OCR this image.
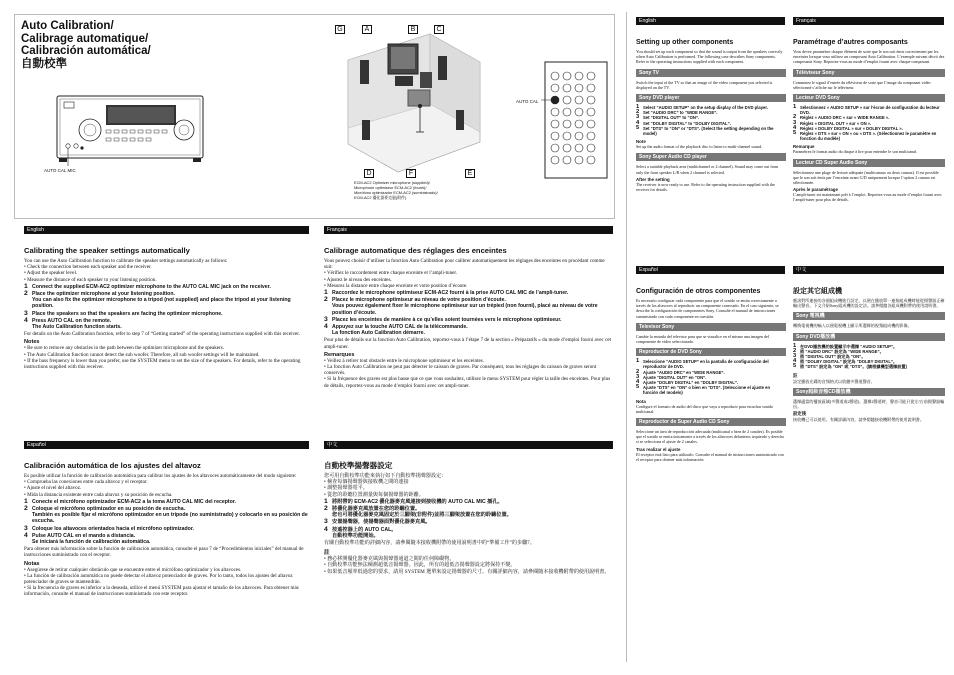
Auto Calibration/
Calibrage automatique/
Calibración automática/
自動校準
AUTO CAL MIC
G	A	B	C
D	F	E
ECM-AC2 Optimizer microphone (supplied)/
Microphone optimiseur ECM-AC2 (fourni)/
Micrófono optimizador ECM-AC2 (suministrado)/
ECM-AC2 優化器麥克風(附件)
AUTO CAL
English
Calibrating the speaker settings automatically

You can use the Auto Calibration function to calibrate the speaker settings automatically as follows:

• Check the connection between each speaker and the receiver.
• Adjust the speaker level.
• Measure the distance of each speaker to your listening position.
1 Connect the supplied ECM-AC2 optimizer microphone to the AUTO CAL MIC jack on the receiver.
2 Place the optimizer microphone at your listening position.
You can also fix the optimizer microphone to a tripod (not supplied) and place the tripod at your listening position.
3 Place the speakers so that the speakers are facing the optimizer microphone.
4 Press AUTO CAL on the remote.
The Auto Calibration function starts.

For details on the Auto Calibration function, refer to step 7 of “Getting started” of the operating instructions supplied with this receiver.

Notes
• Be sure to remove any obstacles in the path between the optimizer microphone and the speakers.
• The Auto Calibration function cannot detect the sub woofer. Therefore, all sub woofer settings will be maintained.
• If the bass frequency is lower than you prefer, use the SYSTEM menu to set the size of the speakers. For details, refer to the operating instructions supplied with this receiver.
Español
Calibración automática de los ajustes del altavoz

Es posible utilizar la función de calibración automática para calibrar los ajustes de los altavoces automáticamente del modo siguiente:

• Comprueba las conexiones entre cada altavoz y el receptor.
• Ajuste el nivel del altavoz.
• Mida la distancia existente entre cada altavoz y su posición de escucha.
1 Conecte el micrófono optimizador ECM-AC2 a la toma AUTO CAL MIC del receptor.
2 Coloque el micrófono optimizador en su posición de escucha.
También es posible fijar el micrófono optimizador en un trípode (no suministrado) y colocarlo en su posición de escucha.
3 Coloque los altavoces orientados hacia el micrófono optimizador.
4 Pulse AUTO CAL en el mando a distancia.
Se iniciará la función de calibración automática.

Para obtener más información sobre la función de calibración automática, consulte el paso 7 de “Procedimientos iniciales” del manual de instrucciones suministrado con el receptor.

Notas
• Asegúrese de retirar cualquier obstáculo que se encuentre entre el micrófono optimizador y los altavoces.
• La función de calibración automática no puede detectar el altavoz potenciador de graves. Por lo tanto, todos los ajustes del altavoz potenciador de graves se mantendrán.
• Si la frecuencia de graves es inferior a la deseada, utilice el menú SYSTEM para ajustar el tamaño de los altavoces. Para obtener más información, consulte el manual de instrucciones suministrado con este receptor.
Français
Calibrage automatique des réglages des enceintes

Vous pouvez choisir d’utiliser la fonction Auto Calibration pour calibrer automatiquement les réglages des enceintes en procédant comme suit:

• Vérifiez le raccordement entre chaque enceinte et l’ampli-tuner.
• Ajustez le niveau des enceintes.
• Mesurez la distance entre chaque enceinte et votre position d’écoute.
1 Raccordez le microphone optimiseur ECM-AC2 fourni à la prise AUTO CAL MIC de l’ampli-tuner.
2 Placez le microphone optimiseur au niveau de votre position d’écoute.
Vous pouvez également fixer le microphone optimiseur sur un trépied (non fourni), placé au niveau de votre position d’écoute.
3 Placez les enceintes de manière à ce qu’elles soient tournées vers le microphone optimiseur.
4 Appuyez sur la touche AUTO CAL de la télécommande.
La fonction Auto Calibration démarre.

Pour plus de détails sur la fonction Auto Calibration, reportez-vous à l’étape 7 de la section « Préparatifs » du mode d’emploi fourni avec cet ampli-tuner.

Remarques
• Veillez à retirer tout obstacle entre le microphone optimiseur et les enceintes.
• La fonction Auto Calibration ne peut pas détecter le caisson de graves. Par conséquent, tous les réglages du caisson de graves seront conservés.
• Si la fréquence des graves est plus basse que ce que vous souhaitez, utilisez le menu SYSTEM pour régler la taille des enceintes. Pour plus de détails, reportez-vous au mode d’emploi fourni avec cet ampli-tuner.
中文
自動校準揚聲器設定

您可用自動校準功能來執行如下自動校準揚聲器設定：

• 檢查每個揚聲器與接收機之間的連接
• 調整揚聲器電平。
• 從您的聆聽位置測量與每個揚聲器的距離。
1 將附帶的 ECM-AC2 優化器麥克風連接到接收機的 AUTO CAL MIC 插孔。
2 將優化器麥克風放置在您的聆聽位置。
您也可將優化器麥克風固定於三腳架(非附件)並將三腳架放置在您的聆聽位置。
3 安置揚聲器，使揚聲器面對優化器麥克風。
4 按遙控器上的 AUTO CAL。
自動校準功能開始。

有關自動校準功能的詳細內容，請參閱隨本接收機附帶的使用說明書中的“準備工作”的步驟7。

註
• 務必移開優化器麥克風與揚聲器通道之間的任何障礙物。
• 自動校準功能無法檢測超低音揚聲器。因此，所有的超低音揚聲器設定將保持不變。
• 如果低音頻率低過您的要求，請用 SYSTEM 選單來設定揚聲器的尺寸。有關詳細內容，請參閱隨本接收機附帶的使用說明書。
English
Setting up other components

You should set up each component so that the sound is output from the speakers correctly when Auto Calibration is performed. The following case describes Sony components. Refer to the operating instructions supplied with each component.

Sony TV

Switch the input of the TV so that an image of the video component you selected is displayed on the TV.

Sony DVD player
1 Select “AUDIO SETUP” on the setup display of the DVD player.
2 Set “AUDIO DRC” to “WIDE RANGE”.
3 Set “DIGITAL OUT” to “ON”.
4 Set “DOLBY DIGITAL” to “DOLBY DIGITAL”.
5 Set “DTS” to “ON” or “DTS”. (Select the setting depending on the model)
Note

Set up the audio format of the playback disc to listen to multi-channel sound.

Sony Super Audio CD player

Select a suitable playback area (multichannel or 2 channel). Sound may come out from only the front speaker L/R when 2 channel is selected.

After the setting

The receiver is now ready to use. Refer to the operating instruction supplied with the receiver for details.

Français
Paramétrage d’autres composants

Vous devez paramétrer chaque élément de sorte que le son soit émis correctement par les enceintes lorsque vous utilisez un composant Auto Calibration. L’exemple suivant décrit des composants Sony. Reportez-vous au mode d’emploi fourni avec chaque composant.

Téléviseur Sony

Commutez le signal d’entrée du téléviseur de sorte que l’image du composant vidéo sélectionné s’affiche sur le téléviseur.

Lecteur DVD Sony
1 Sélectionnez « AUDIO SETUP » sur l’écran de configuration du lecteur DVD.
2 Réglez « AUDIO DRC » sur « WIDE RANGE ».
3 Réglez « DIGITAL OUT » sur « ON ».
4 Réglez « DOLBY DIGITAL » sur « DOLBY DIGITAL ».
5 Réglez « DTS » sur « ON » ou « DTS ». (Sélectionnez le paramètre en fonction du modèle)
Remarque

Paramétrez le format audio du disque à lire pour entendre le son multicanal.

Lecteur CD Super Audio Sony

Sélectionnez une plage de lecture adéquate (multicanaux ou deux canaux). Il est possible que le son soit émis par l’enceinte avant G/D uniquement lorsque l’option 2 canaux est sélectionnée.

Après le paramétrage

L’ampli-tuner est maintenant prêt à l’emploi. Reportez-vous au mode d’emploi fourni avec l’ampli-tuner pour plus de détails.

Español
Configuración de otros componentes

Es necesario configurar cada componente para que el sonido se emita correctamente a través de los altavoces al reproducir un componente conectado. En el caso siguiente, se describe la configuración de componentes Sony. Consulte el manual de instrucciones suministrado con cada componente en cuestión.

Televisor Sony

Cambie la entrada del televisor para que se visualice en el mismo una imagen del componente de vídeo seleccionado.

Reproductor de DVD Sony
1 Seleccione “AUDIO SETUP” en la pantalla de configuración del reproductor de DVD.
2 Ajuste “AUDIO DRC” en “WIDE RANGE”.
3 Ajuste “DIGITAL OUT” en “ON”.
4 Ajuste “DOLBY DIGITAL” en “DOLBY DIGITAL”.
5 Ajuste “DTS” en “ON” o bien en “DTS”. (Seleccione el ajuste en función del modelo)
Nota

Configure el formato de audio del disco que vaya a reproducir para escuchar sonido multicanal.

Reproductor de Super Audio CD Sony

Seleccione un área de reproducción adecuada (multicanal o bien de 2 canales). Es posible que el sonido se emita únicamente a través de los altavoces delanteros izquierdo y derecho si se selecciona el ajuste de 2 canales.

Tras realizar el ajuste

El receptor está listo para utilizarlo. Consulte el manual de instrucciones suministrado con el receptor para obtener más información.

中文
設定其它組成機

應該對所連接的各個組成機進行設定，以便在播放單一連接組成機時能從揚聲器正確輸出聲音。下文介紹Sony組成機的設定法。請參閱隨各組成機附帶的使用說明書。

Sony 電視機

轉換電視機的輸入以便電視機上顯示所選擇的視頻組成機的影像。

Sony DVD播放機
1 在DVD播放機的設置顯示中選擇 “AUDIO SETUP”。
2 將 “AUDIO DRC” 設定為 “WIDE RANGE”。
3 將 “DIGITAL OUT” 設定為 “ON”。
4 將 “DOLBY DIGITAL” 設定為 “DOLBY DIGITAL”。
5 將 “DTS” 設定為 “ON” 或 “DTS”。(請根據機型選擇設置)
註

設定播放光碟的音頻格式以收聽多聲道聲音。

Sony超級音頻CD播放機

選擇適當的播放區域(多聲道或2聲道)。選擇2聲道時，聲音可能只從左/右前揚聲器輸出。

設定後

接收機已可以使用。有關詳細內容，請參閱隨接收機附帶的使用說明書。
